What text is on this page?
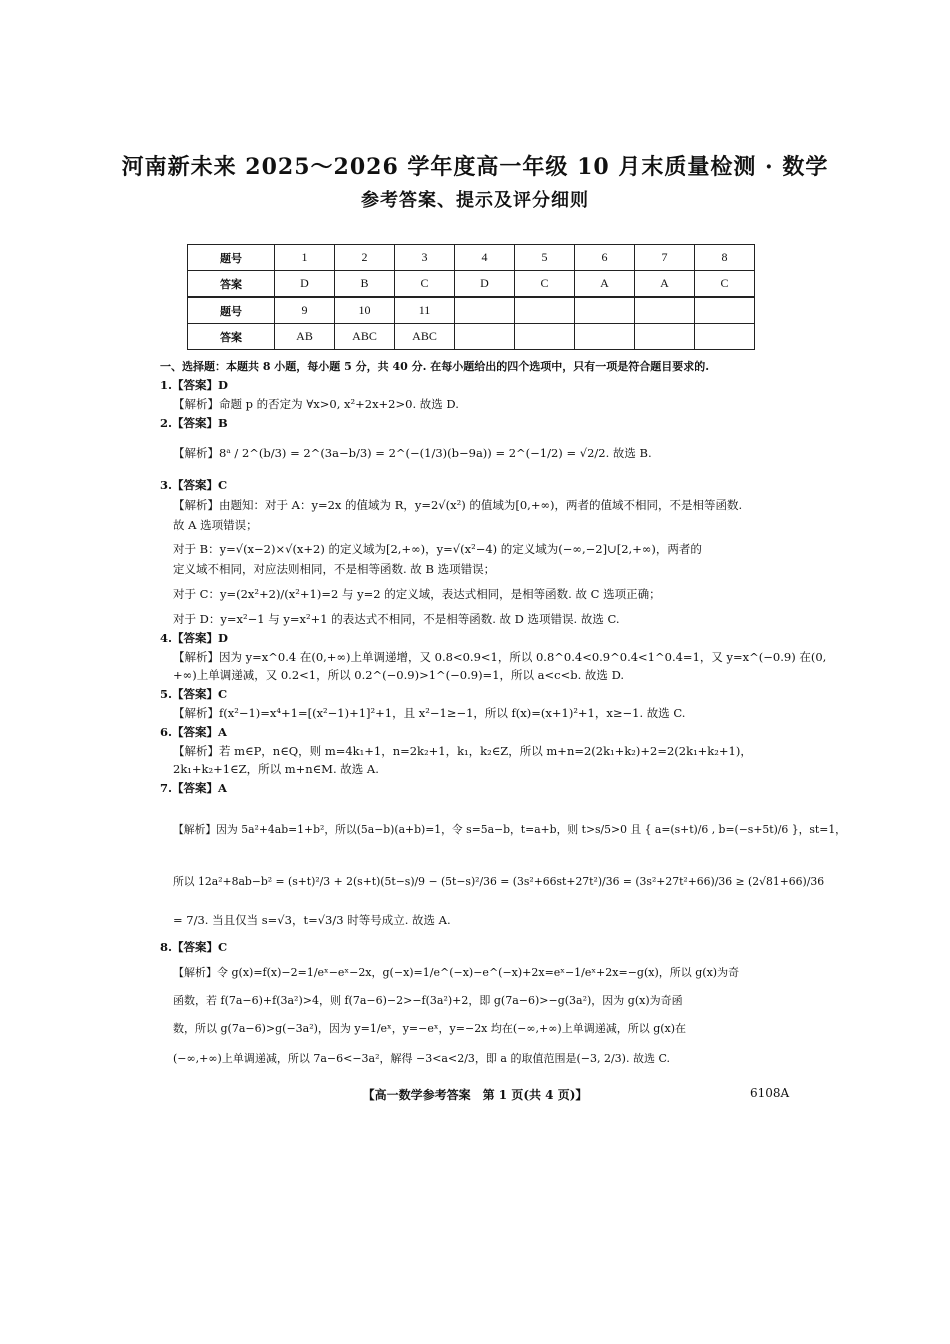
河南新未来 2025～2026 学年度高一年级 10 月末质量检测 · 数学
参考答案、提示及评分细则
题号	1	2	3	4	5	6	7	8
答案	D	B	C	D	C	A	A	C
题号	9	10	11					
答案	AB	ABC	ABC					
一、选择题：本题共 8 小题，每小题 5 分，共 40 分. 在每小题给出的四个选项中，只有一项是符合题目要求的.
1.【答案】D
【解析】命题 p 的否定为 ∀x>0, x²+2x+2>0. 故选 D.
2.【答案】B
【解析】8ᵃ / 2^(b/3) = 2^(3a−b/3) = 2^(−(1/3)(b−9a)) = 2^(−1/2) = √2/2. 故选 B.
3.【答案】C
【解析】由题知：对于 A：y=2x 的值域为 R，y=2√(x²) 的值域为[0,+∞)，两者的值域不相同，不是相等函数.
故 A 选项错误；
对于 B：y=√(x−2)×√(x+2) 的定义域为[2,+∞)，y=√(x²−4) 的定义域为(−∞,−2]∪[2,+∞)，两者的
定义域不相同，对应法则相同，不是相等函数. 故 B 选项错误；
对于 C：y=(2x²+2)/(x²+1)=2 与 y=2 的定义域，表达式相同，是相等函数. 故 C 选项正确；
对于 D：y=x²−1 与 y=x²+1 的表达式不相同，不是相等函数. 故 D 选项错误. 故选 C.
4.【答案】D
【解析】因为 y=x^0.4 在(0,+∞)上单调递增，又 0.8<0.9<1，所以 0.8^0.4<0.9^0.4<1^0.4=1，又 y=x^(−0.9) 在(0,
+∞)上单调递减，又 0.2<1，所以 0.2^(−0.9)>1^(−0.9)=1，所以 a<c<b. 故选 D.
5.【答案】C
【解析】f(x²−1)=x⁴+1=[(x²−1)+1]²+1，且 x²−1≥−1，所以 f(x)=(x+1)²+1，x≥−1. 故选 C.
6.【答案】A
【解析】若 m∈P，n∈Q，则 m=4k₁+1，n=2k₂+1，k₁，k₂∈Z，所以 m+n=2(2k₁+k₂)+2=2(2k₁+k₂+1)，
2k₁+k₂+1∈Z，所以 m+n∈M. 故选 A.
7.【答案】A
【解析】因为 5a²+4ab=1+b²，所以(5a−b)(a+b)=1，令 s=5a−b，t=a+b，则 t>s/5>0 且 { a=(s+t)/6 , b=(−s+5t)/6 }，st=1，
所以 12a²+8ab−b² = (s+t)²/3 + 2(s+t)(5t−s)/9 − (5t−s)²/36 = (3s²+66st+27t²)/36 = (3s²+27t²+66)/36 ≥ (2√81+66)/36
= 7/3. 当且仅当 s=√3，t=√3/3 时等号成立. 故选 A.
8.【答案】C
【解析】令 g(x)=f(x)−2=1/eˣ−eˣ−2x，g(−x)=1/e^(−x)−e^(−x)+2x=eˣ−1/eˣ+2x=−g(x)，所以 g(x)为奇
函数，若 f(7a−6)+f(3a²)>4，则 f(7a−6)−2>−f(3a²)+2，即 g(7a−6)>−g(3a²)，因为 g(x)为奇函
数，所以 g(7a−6)>g(−3a²)，因为 y=1/eˣ，y=−eˣ，y=−2x 均在(−∞,+∞)上单调递减，所以 g(x)在
(−∞,+∞)上单调递减，所以 7a−6<−3a²，解得 −3<a<2/3，即 a 的取值范围是(−3, 2/3). 故选 C.
【高一数学参考答案　第 1 页(共 4 页)】	6108A
